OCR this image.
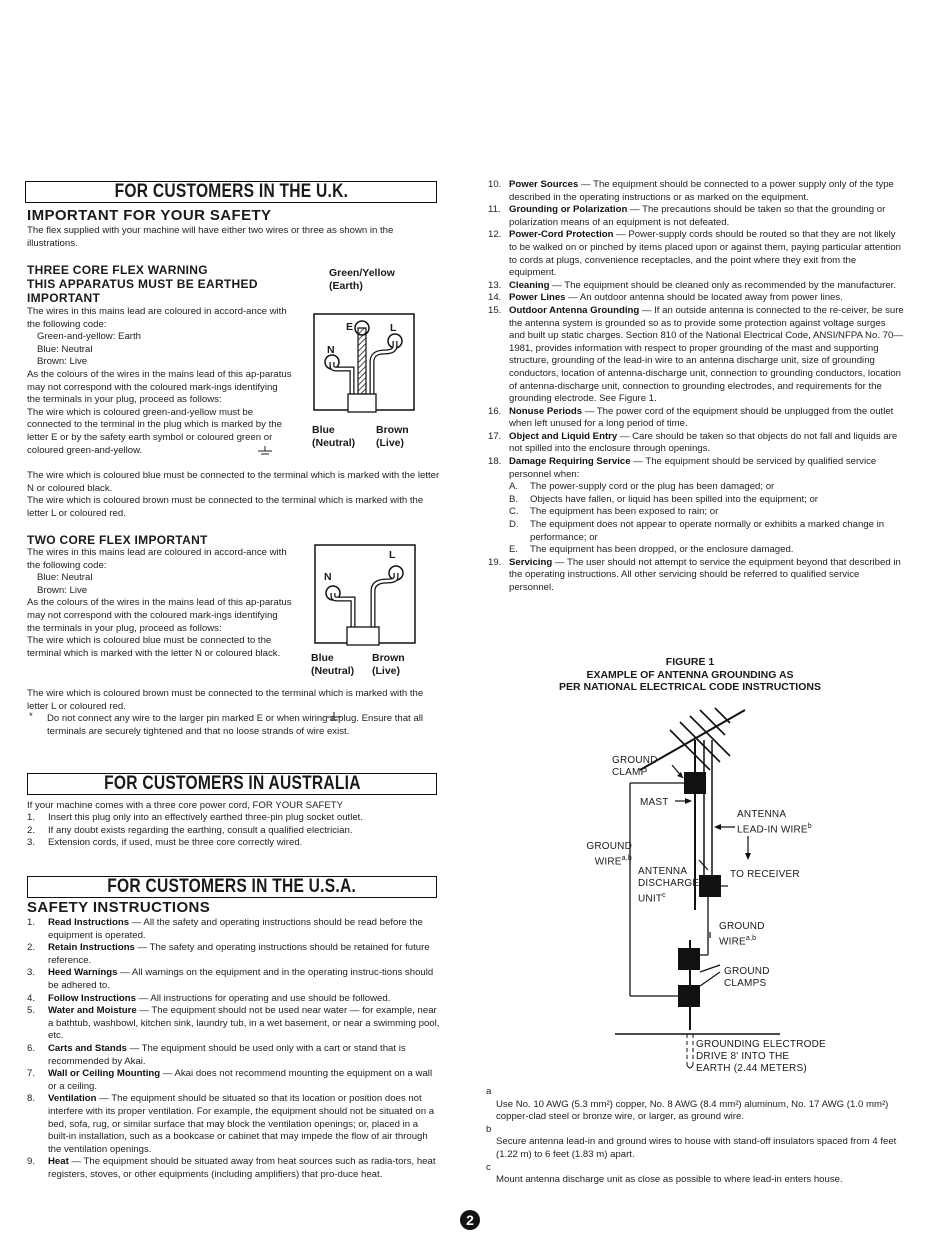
FOR CUSTOMERS IN THE U.K.
IMPORTANT FOR YOUR SAFETY
The flex supplied with your machine will have either two wires or three as shown in the illustrations.
THREE CORE FLEX WARNING
THIS APPARATUS MUST BE EARTHED
IMPORTANT
The wires in this mains lead are coloured in accord-ance with the following code:
Green-and-yellow: Earth
Blue: Neutral
Brown: Live
As the colours of the wires in the mains lead of this ap-paratus may not correspond with the coloured mark-ings identifying the terminals in your plug, proceed as follows:
The wire which is coloured green-and-yellow must be connected to the terminal in the plug which is marked by the letter E or by the safety earth symbol or coloured green or coloured green-and-yellow.
The wire which is coloured blue must be connected to the terminal which is marked with the letter N or coloured black.
The wire which is coloured brown must be connected to the terminal which is marked with the letter L or coloured red.
Green/Yellow
(Earth)
E	L
N
Blue
(Neutral)
Brown
(Live)
TWO CORE FLEX IMPORTANT
The wires in this mains lead are coloured in accord-ance with the following code:
Blue: Neutral
Brown: Live
As the colours of the wires in the mains lead of this ap-paratus may not correspond with the coloured mark-ings identifying the terminals in your plug, proceed as follows:
The wire which is coloured blue must be connected to the terminal which is marked with the letter N or coloured black.
The wire which is coloured brown must be connected to the terminal which is marked with the letter L or coloured red.
* Do not connect any wire to the larger pin marked E or when wiring a plug. Ensure that all terminals are securely tightened and that no loose strands of wire exist.
L
N
Blue
(Neutral)
Brown
(Live)
FOR CUSTOMERS IN AUSTRALIA
If your machine comes with a three core power cord, FOR YOUR SAFETY
1.	Insert this plug only into an effectively earthed three-pin plug socket outlet.
2.	If any doubt exists regarding the earthing, consult a qualified electrician.
3.	Extension cords, if used, must be three core correctly wired.
FOR CUSTOMERS IN THE U.S.A.
SAFETY INSTRUCTIONS
1.	Read Instructions — All the safety and operating instructions should be read before the equipment is operated.
2.	Retain Instructions — The safety and operating instructions should be retained for future reference.
3.	Heed Warnings — All warnings on the equipment and in the operating instruc-tions should be adhered to.
4.	Follow Instructions — All instructions for operating and use should be followed.
5.	Water and Moisture — The equipment should not be used near water — for example, near a bathtub, washbowl, kitchen sink, laundry tub, in a wet basement, or near a swimming pool, etc.
6.	Carts and Stands — The equipment should be used only with a cart or stand that is recommended by Akai.
7.	Wall or Ceiling Mounting — Akai does not recommend mounting the equipment on a wall or a ceiling.
8.	Ventilation — The equipment should be situated so that its location or position does not interfere with its proper ventilation. For example, the equipment should not be situated on a bed, sofa, rug, or similar surface that may block the ventilation openings; or, placed in a built-in installation, such as a bookcase or cabinet that may impede the flow of air through the ventilation openings.
9.	Heat — The equipment should be situated away from heat sources such as radia-tors, heat registers, stoves, or other equipments (including amplifiers) that pro-duce heat.
10. Power Sources — The equipment should be connected to a power supply only of the type described in the operating instructions or as marked on the equipment.
11. Grounding or Polarization — The precautions should be taken so that the grounding or polarization means of an equipment is not defeated.
12. Power-Cord Protection — Power-supply cords should be routed so that they are not likely to be walked on or pinched by items placed upon or against them, paying particular attention to cords at plugs, convenience receptacles, and the point where they exit from the equipment.
13. Cleaning — The equipment should be cleaned only as recommended by the manufacturer.
14. Power Lines — An outdoor antenna should be located away from power lines.
15. Outdoor Antenna Grounding — If an outside antenna is connected to the re-ceiver, be sure the antenna system is grounded so as to provide some protection against voltage surges and built up static charges. Section 810 of the National Electrical Code, ANSI/NFPA No. 70—1981, provides information with respect to proper grounding of the mast and supporting structure, grounding of the lead-in wire to an antenna discharge unit, size of grounding conductors, location of antenna-discharge unit, connection to grounding conductors, location of antenna-discharge unit, connection to grounding electrodes, and requirements for the grounding electrode. See Figure 1.
16. Nonuse Periods — The power cord of the equipment should be unplugged from the outlet when left unused for a long period of time.
17. Object and Liquid Entry — Care should be taken so that objects do not fall and liquids are not spilled into the enclosure through openings.
18. Damage Requiring Service — The equipment should be serviced by qualified service personnel when:
A.	The power-supply cord or the plug has been damaged; or
B.	Objects have fallen, or liquid has been spilled into the equipment; or
C.	The equipment has been exposed to rain; or
D.	The equipment does not appear to operate normally or exhibits a marked change in performance; or
E.	The equipment has been dropped, or the enclosure damaged.
19. Servicing — The user should not attempt to service the equipment beyond that described in the operating instructions. All other servicing should be referred to qualified service personnel.
FIGURE 1
EXAMPLE OF ANTENNA GROUNDING AS
PER NATIONAL ELECTRICAL CODE INSTRUCTIONS
GROUND
CLAMP
MAST
ANTENNA
LEAD-IN WIRE$^b$
GROUND
WIRE$^{a,b}$
ANTENNA
DISCHARGE
UNIT$^c$
TO RECEIVER
GROUND
WIRE$^{a,b}$
GROUND
CLAMPS
GROUNDING ELECTRODE
DRIVE 8' INTO THE
EARTH (2.44 METERS)
a
Use No. 10 AWG (5.3 mm²) copper, No. 8 AWG (8.4 mm²) aluminum, No. 17 AWG (1.0 mm²) copper-clad steel or bronze wire, or larger, as ground wire.
b
Secure antenna lead-in and ground wires to house with stand-off insulators spaced from 4 feet (1.22 m) to 6 feet (1.83 m) apart.
c
Mount antenna discharge unit as close as possible to where lead-in enters house.
2
